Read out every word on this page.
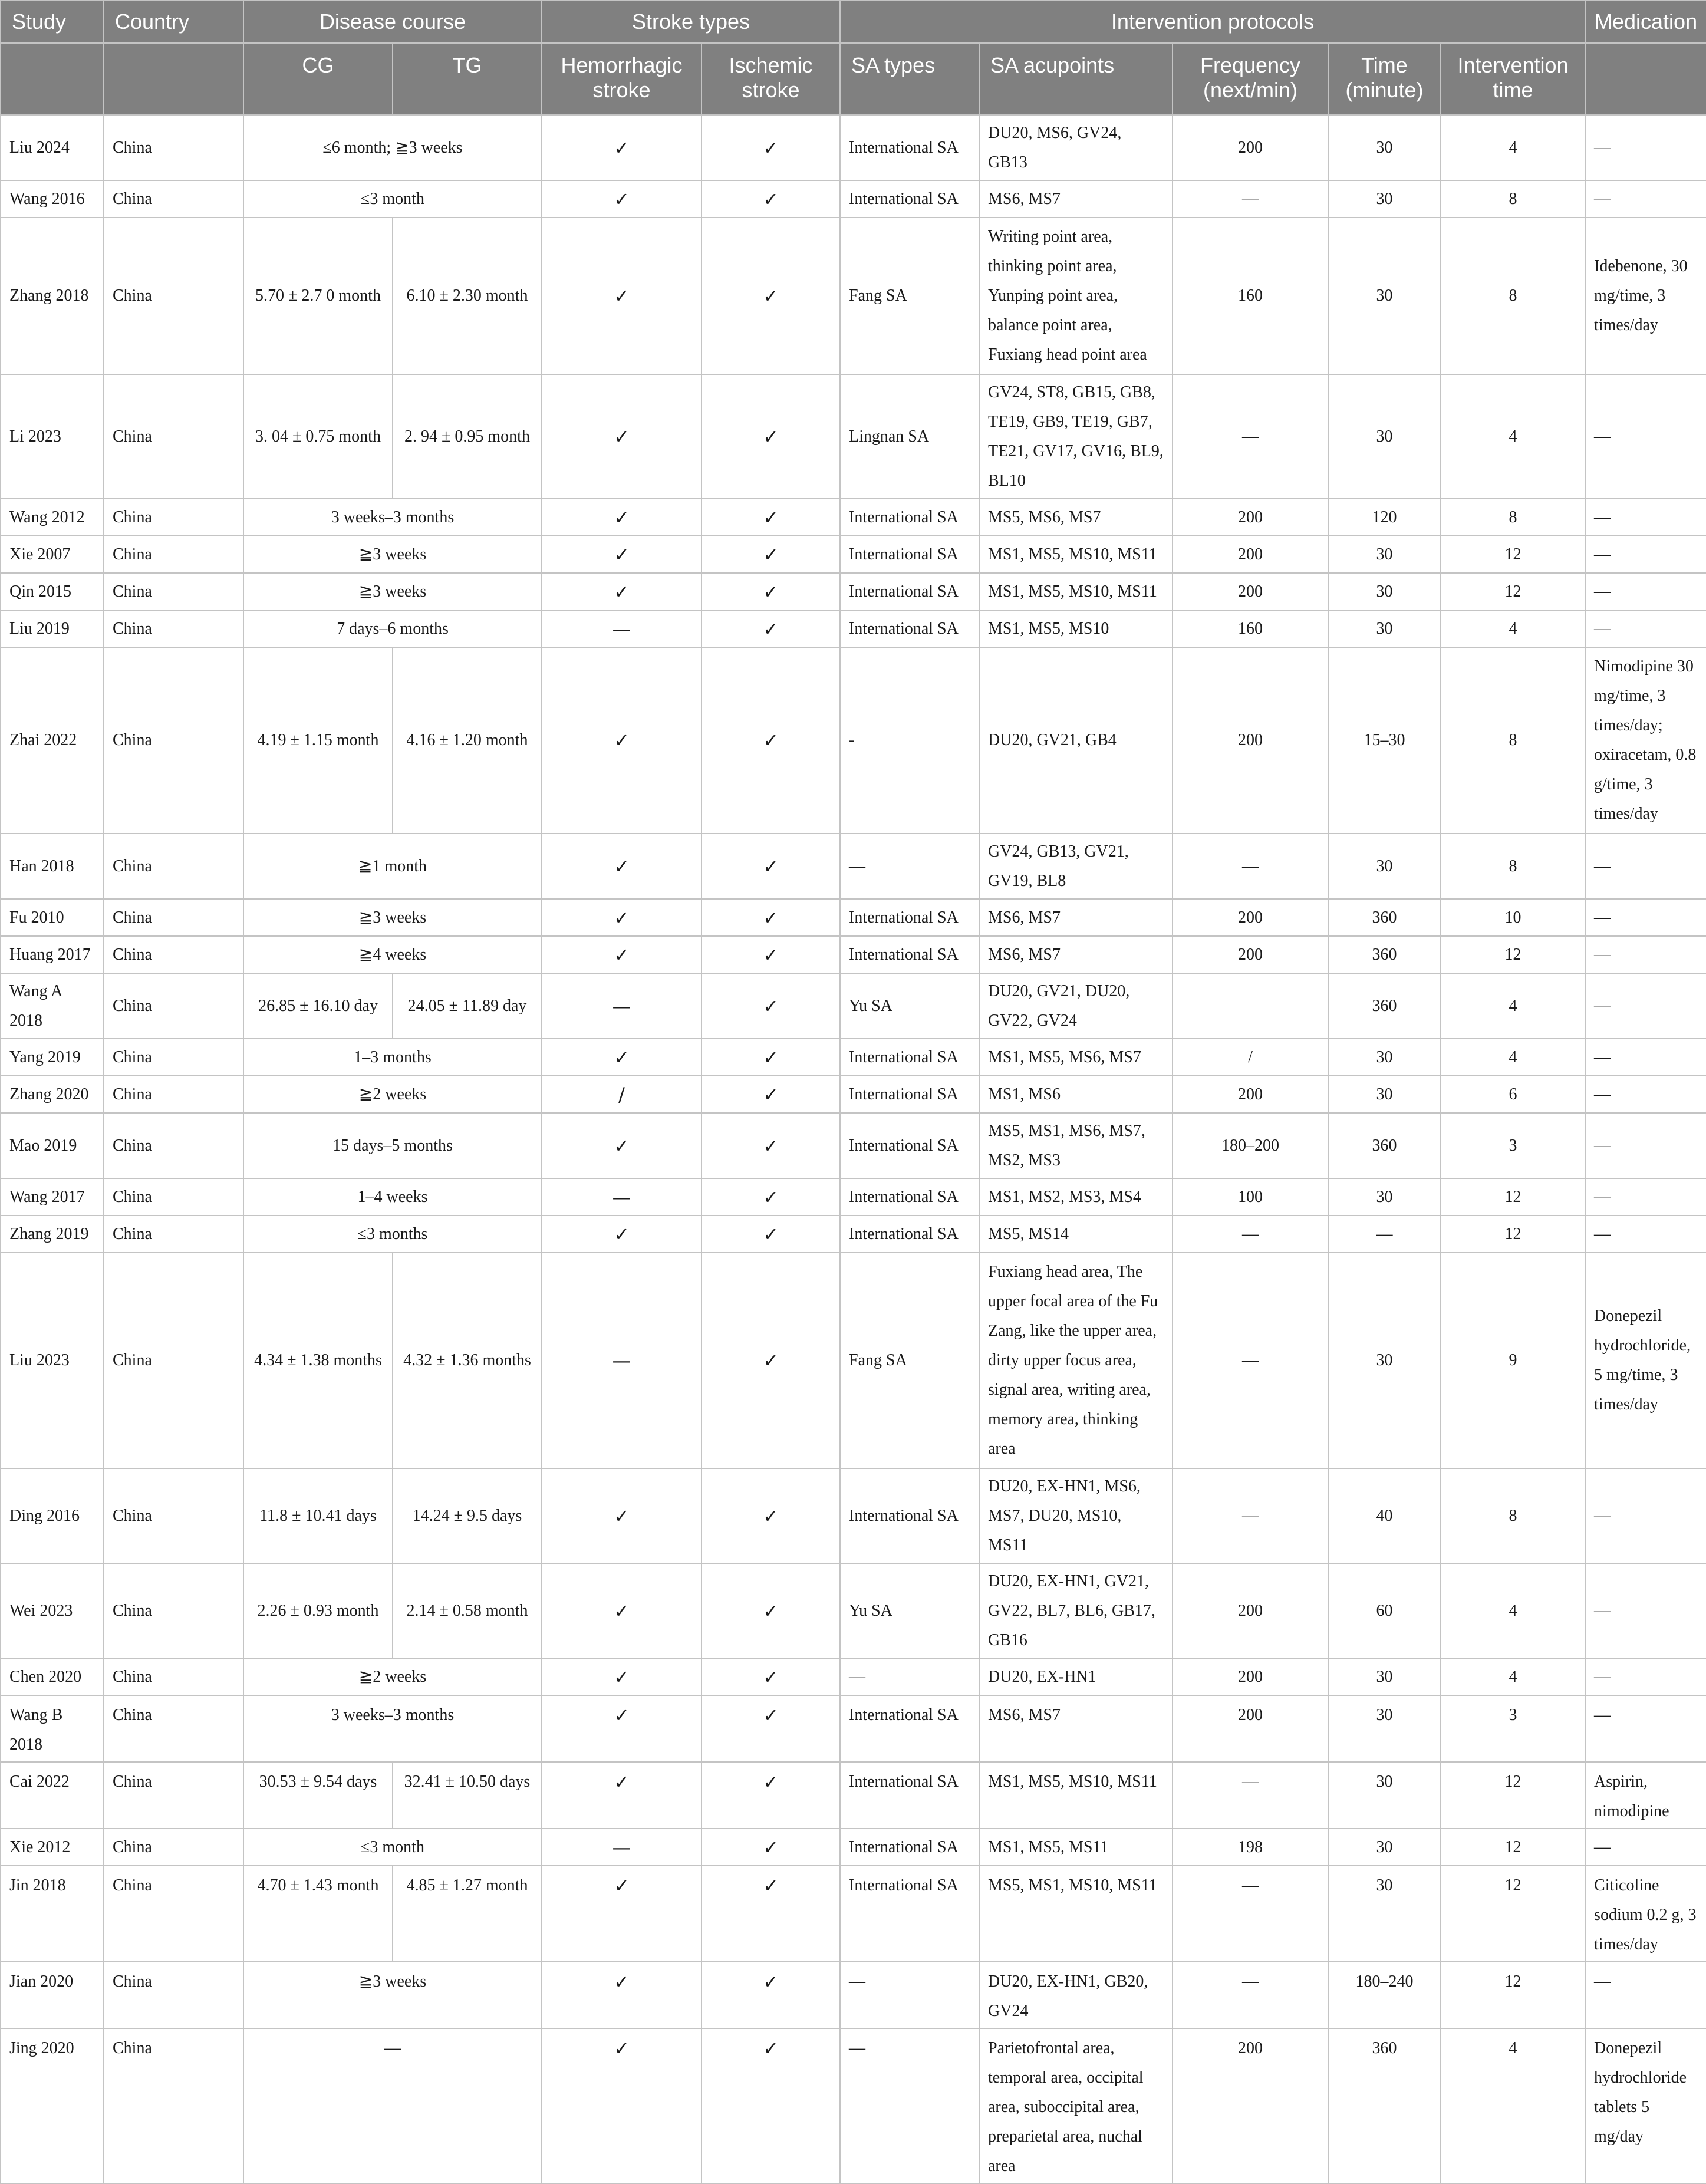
Study	Country	Disease course		Stroke types		Intervention protocols					Medication
		CG	TG	Hemorrhagic stroke	Ischemic stroke	SA types	SA acupoints	Frequency (next/min)	Time (minute)	Intervention time	
Liu 2024	China	≤6 month; ≧3 weeks		✓	✓	International SA	DU20, MS6, GV24, GB13	200	30	4	—
Wang 2016	China	≤3 month		✓	✓	International SA	MS6, MS7	—	30	8	—
Zhang 2018	China	5.70 ± 2.7 0 month	6.10 ± 2.30 month	✓	✓	Fang SA	Writing point area, thinking point area, Yunping point area, balance point area, Fuxiang head point area	160	30	8	Idebenone, 30 mg/time, 3 times/day
Li 2023	China	3. 04 ± 0.75 month	2. 94 ± 0.95 month	✓	✓	Lingnan SA	GV24, ST8, GB15, GB8, TE19, GB9, TE19, GB7, TE21, GV17, GV16, BL9, BL10	—	30	4	—
Wang 2012	China	3 weeks–3 months		✓	✓	International SA	MS5, MS6, MS7	200	120	8	—
Xie 2007	China	≧3 weeks		✓	✓	International SA	MS1, MS5, MS10, MS11	200	30	12	—
Qin 2015	China	≧3 weeks		✓	✓	International SA	MS1, MS5, MS10, MS11	200	30	12	—
Liu 2019	China	7 days–6 months		—	✓	International SA	MS1, MS5, MS10	160	30	4	—
Zhai 2022	China	4.19 ± 1.15 month	4.16 ± 1.20 month	✓	✓	-	DU20, GV21, GB4	200	15–30	8	Nimodipine 30 mg/time, 3 times/day; oxiracetam, 0.8 g/time, 3 times/day
Han 2018	China	≧1 month		✓	✓	—	GV24, GB13, GV21, GV19, BL8	—	30	8	—
Fu 2010	China	≧3 weeks		✓	✓	International SA	MS6, MS7	200	360	10	—
Huang 2017	China	≧4 weeks		✓	✓	International SA	MS6, MS7	200	360	12	—
Wang A 2018	China	26.85 ± 16.10 day	24.05 ± 11.89 day	—	✓	Yu SA	DU20, GV21, DU20, GV22, GV24		360	4	—
Yang 2019	China	1–3 months		✓	✓	International SA	MS1, MS5, MS6, MS7	/	30	4	—
Zhang 2020	China	≧2 weeks		/	✓	International SA	MS1, MS6	200	30	6	—
Mao 2019	China	15 days–5 months		✓	✓	International SA	MS5, MS1, MS6, MS7, MS2, MS3	180–200	360	3	—
Wang 2017	China	1–4 weeks		—	✓	International SA	MS1, MS2, MS3, MS4	100	30	12	—
Zhang 2019	China	≤3 months		✓	✓	International SA	MS5, MS14	—	—	12	—
Liu 2023	China	4.34 ± 1.38 months	4.32 ± 1.36 months	—	✓	Fang SA	Fuxiang head area, The upper focal area of the Fu Zang, like the upper area, dirty upper focus area, signal area, writing area, memory area, thinking area	—	30	9	Donepezil hydrochloride, 5 mg/time, 3 times/day
Ding 2016	China	11.8 ± 10.41 days	14.24 ± 9.5 days	✓	✓	International SA	DU20, EX-HN1, MS6, MS7, DU20, MS10, MS11	—	40	8	—
Wei 2023	China	2.26 ± 0.93 month	2.14 ± 0.58 month	✓	✓	Yu SA	DU20, EX-HN1, GV21, GV22, BL7, BL6, GB17, GB16	200	60	4	—
Chen 2020	China	≧2 weeks		✓	✓	—	DU20, EX-HN1	200	30	4	—
Wang B 2018	China	3 weeks–3 months		✓	✓	International SA	MS6, MS7	200	30	3	—
Cai 2022	China	30.53 ± 9.54 days	32.41 ± 10.50 days	✓	✓	International SA	MS1, MS5, MS10, MS11	—	30	12	Aspirin, nimodipine
Xie 2012	China	≤3 month		—	✓	International SA	MS1, MS5, MS11	198	30	12	—
Jin 2018	China	4.70 ± 1.43 month	4.85 ± 1.27 month	✓	✓	International SA	MS5, MS1, MS10, MS11	—	30	12	Citicoline sodium 0.2 g, 3 times/day
Jian 2020	China	≧3 weeks		✓	✓	—	DU20, EX-HN1, GB20, GV24	—	180–240	12	—
Jing 2020	China	—		✓	✓	—	Parietofrontal area, temporal area, occipital area, suboccipital area, preparietal area, nuchal area	200	360	4	Donepezil hydrochloride tablets 5 mg/day
